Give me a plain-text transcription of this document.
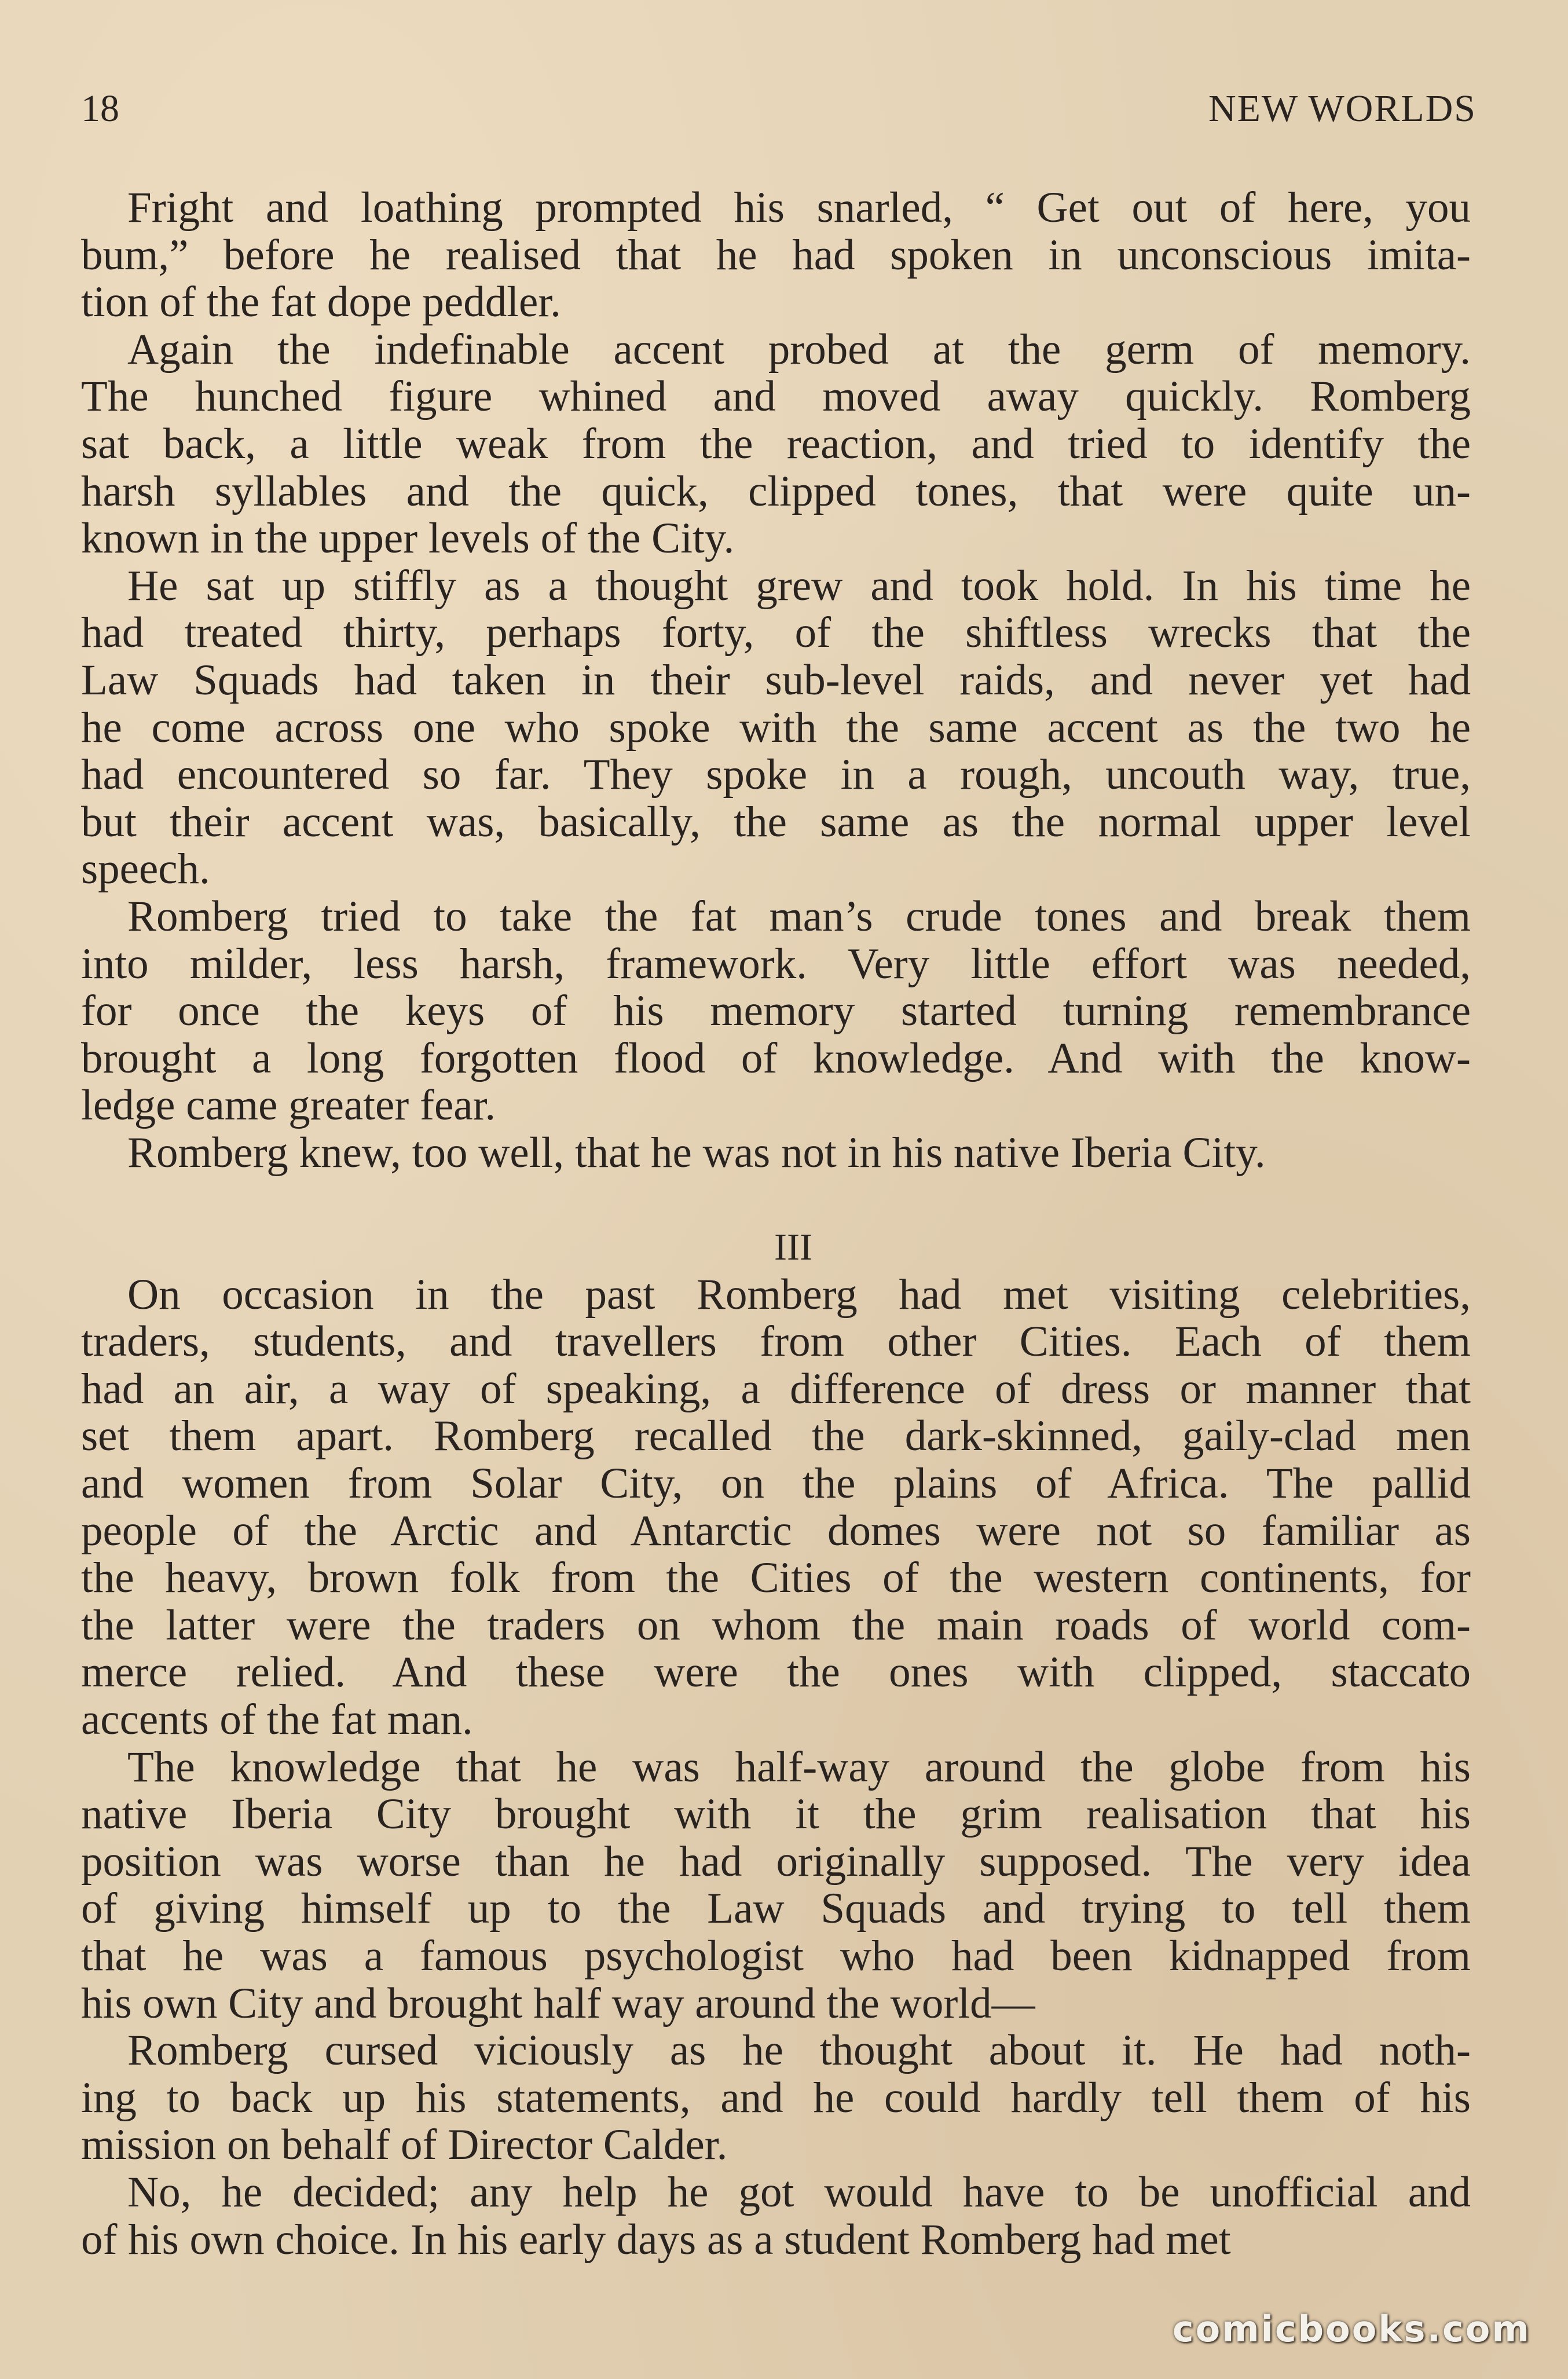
18	NEW WORLDS
Fright and loathing prompted his snarled, “ Get out of here, you
bum,” before he realised that he had spoken in unconscious imita-
tion of the fat dope peddler.
Again the indefinable accent probed at the germ of memory.
The hunched figure whined and moved away quickly. Romberg
sat back, a little weak from the reaction, and tried to identify the
harsh syllables and the quick, clipped tones, that were quite un-
known in the upper levels of the City.
He sat up stiffly as a thought grew and took hold. In his time he
had treated thirty, perhaps forty, of the shiftless wrecks that the
Law Squads had taken in their sub-level raids, and never yet had
he come across one who spoke with the same accent as the two he
had encountered so far. They spoke in a rough, uncouth way, true,
but their accent was, basically, the same as the normal upper level
speech.
Romberg tried to take the fat man’s crude tones and break them
into milder, less harsh, framework. Very little effort was needed,
for once the keys of his memory started turning remembrance
brought a long forgotten flood of knowledge. And with the know-
ledge came greater fear.
Romberg knew, too well, that he was not in his native Iberia City.
III
On occasion in the past Romberg had met visiting celebrities,
traders, students, and travellers from other Cities. Each of them
had an air, a way of speaking, a difference of dress or manner that
set them apart. Romberg recalled the dark-skinned, gaily-clad men
and women from Solar City, on the plains of Africa. The pallid
people of the Arctic and Antarctic domes were not so familiar as
the heavy, brown folk from the Cities of the western continents, for
the latter were the traders on whom the main roads of world com-
merce relied. And these were the ones with clipped, staccato
accents of the fat man.
The knowledge that he was half-way around the globe from his
native Iberia City brought with it the grim realisation that his
position was worse than he had originally supposed. The very idea
of giving himself up to the Law Squads and trying to tell them
that he was a famous psychologist who had been kidnapped from
his own City and brought half way around the world—
Romberg cursed viciously as he thought about it. He had noth-
ing to back up his statements, and he could hardly tell them of his
mission on behalf of Director Calder.
No, he decided; any help he got would have to be unofficial and
of his own choice. In his early days as a student Romberg had met
comicbooks.com
